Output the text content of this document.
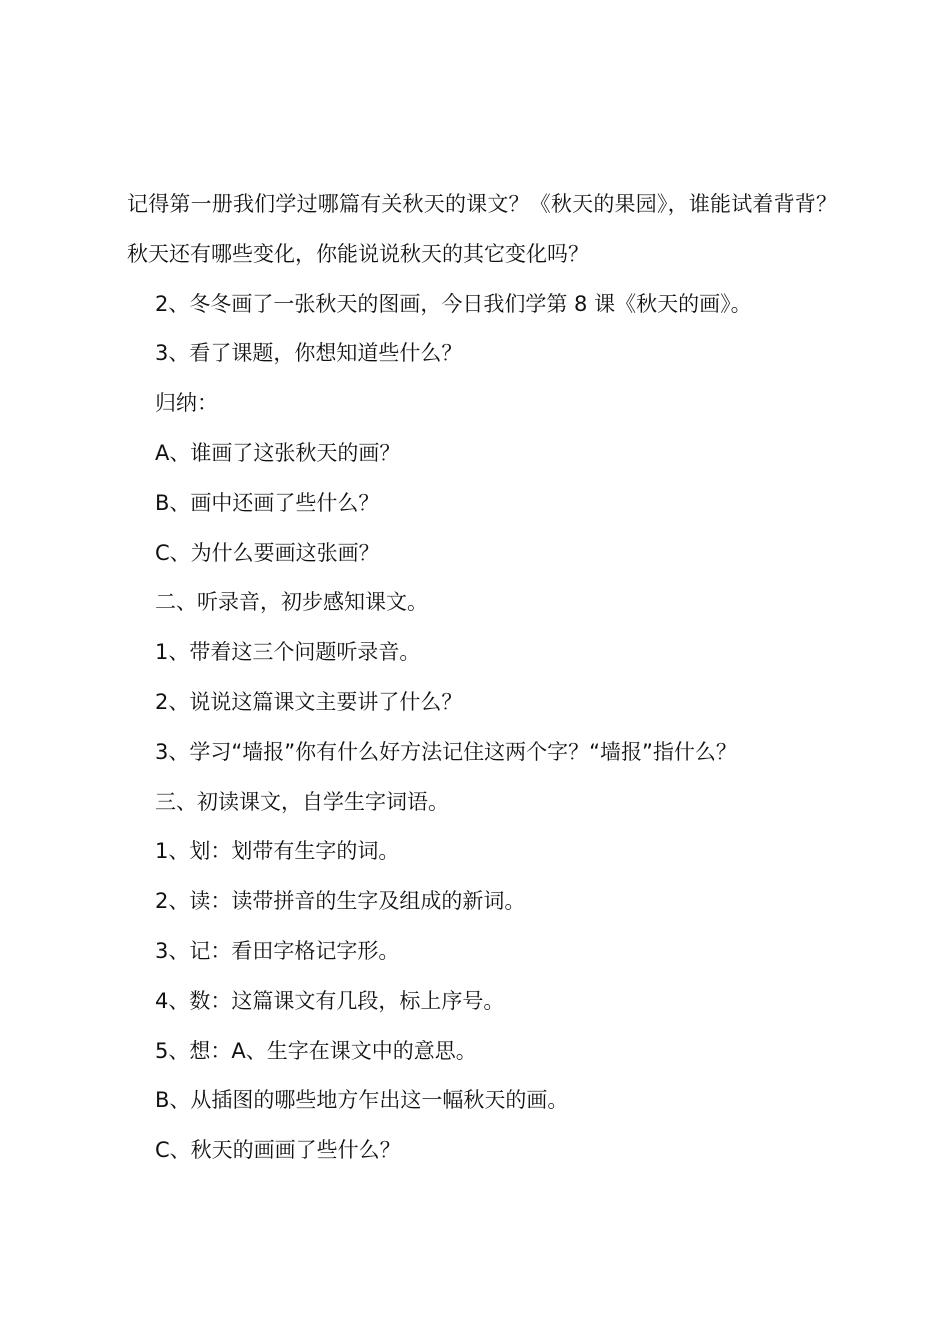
记得第一册我们学过哪篇有关秋天的课文？《秋天的果园》，谁能试着背背？秋天还有哪些变化，你能说说秋天的其它变化吗？

2、冬冬画了一张秋天的图画，今日我们学第 8 课《秋天的画》。

3、看了课题，你想知道些什么？

归纳：

A、谁画了这张秋天的画？

B、画中还画了些什么？

C、为什么要画这张画？

二、听录音，初步感知课文。

1、带着这三个问题听录音。

2、说说这篇课文主要讲了什么？

3、学习“墙报”你有什么好方法记住这两个字？“墙报”指什么？

三、初读课文，自学生字词语。

1、划：划带有生字的词。

2、读：读带拼音的生字及组成的新词。

3、记：看田字格记字形。

4、数：这篇课文有几段，标上序号。

5、想：A、生字在课文中的意思。

B、从插图的哪些地方乍出这一幅秋天的画。

C、秋天的画画了些什么？
